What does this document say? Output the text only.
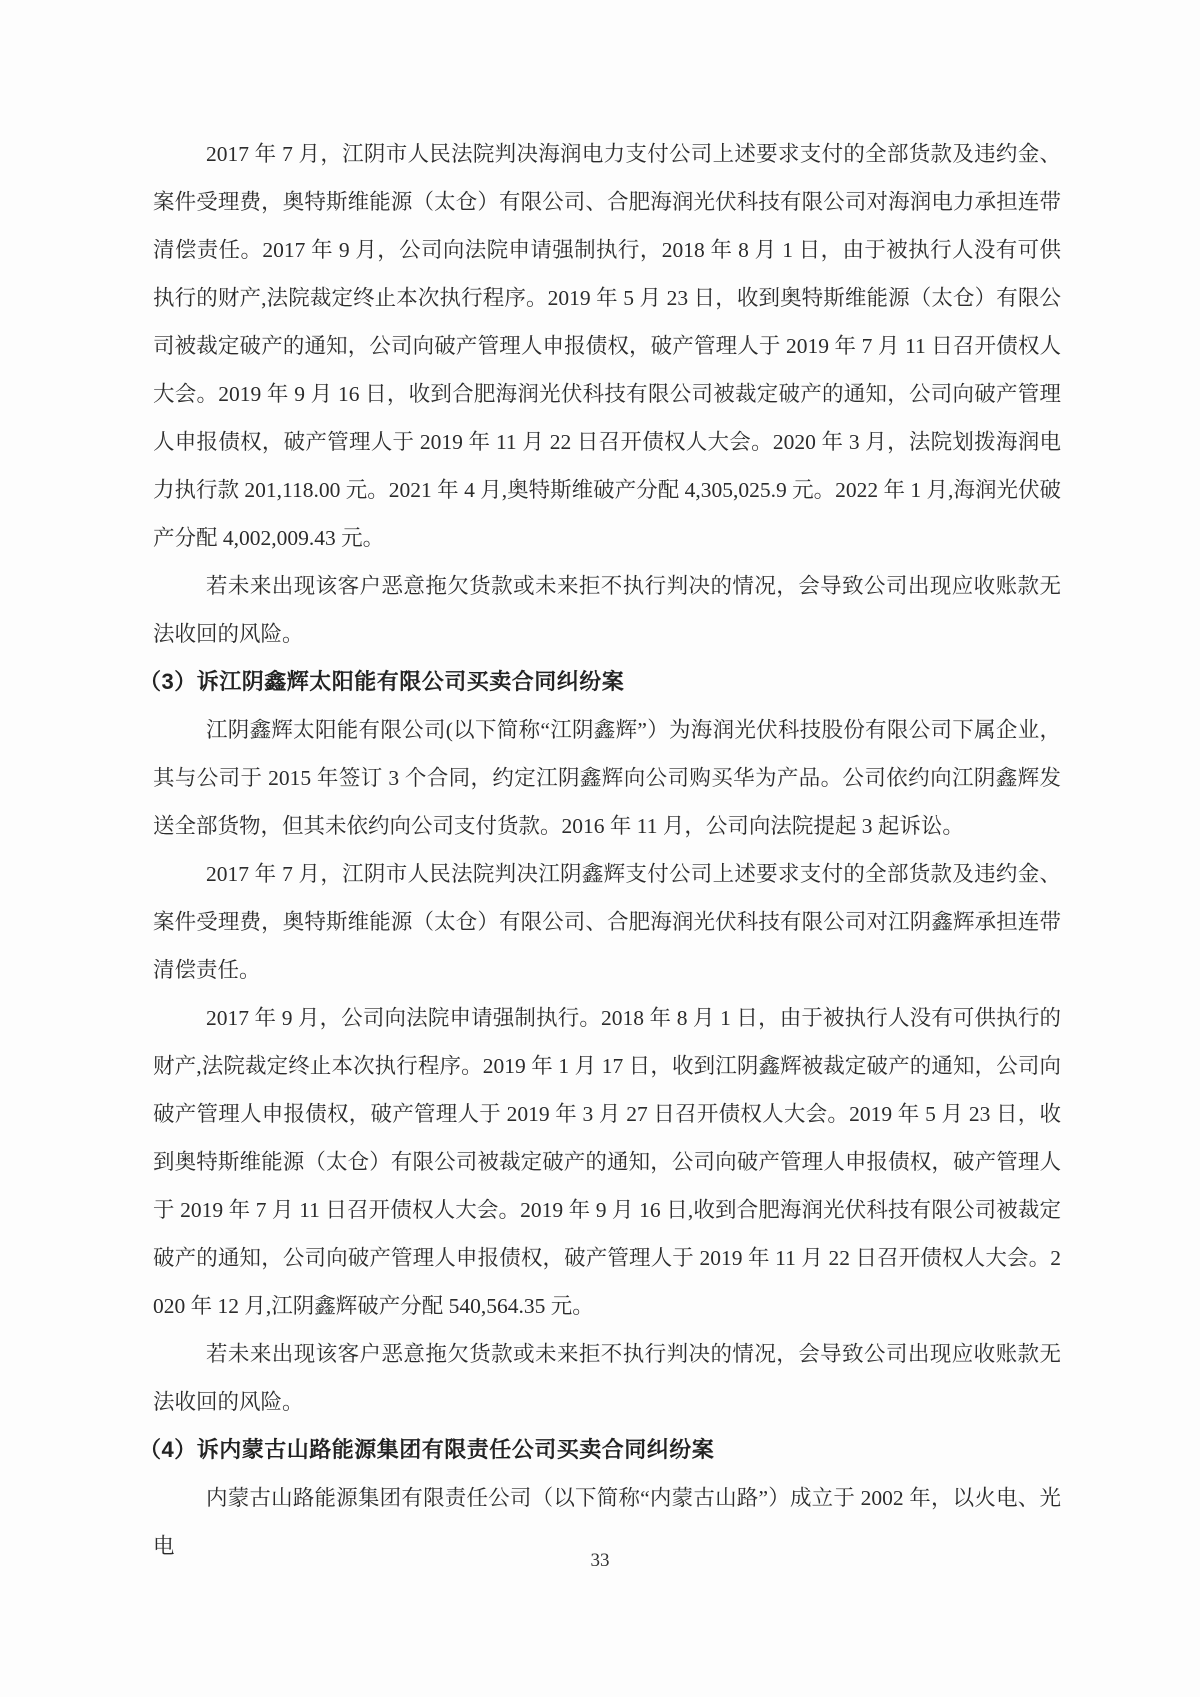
2017 年 7 月，江阴市人民法院判决海润电力支付公司上述要求支付的全部货款及违约金、案件受理费，奥特斯维能源（太仓）有限公司、合肥海润光伏科技有限公司对海润电力承担连带清偿责任。2017 年 9 月，公司向法院申请强制执行，2018 年 8 月 1 日，由于被执行人没有可供执行的财产,法院裁定终止本次执行程序。2019 年 5 月 23 日，收到奥特斯维能源（太仓）有限公司被裁定破产的通知，公司向破产管理人申报债权，破产管理人于 2019 年 7 月 11 日召开债权人大会。2019 年 9 月 16 日，收到合肥海润光伏科技有限公司被裁定破产的通知，公司向破产管理人申报债权，破产管理人于 2019 年 11 月 22 日召开债权人大会。2020 年 3 月，法院划拨海润电力执行款 201,118.00 元。2021 年 4 月,奥特斯维破产分配 4,305,025.9 元。2022 年 1 月,海润光伏破产分配 4,002,009.43 元。

若未来出现该客户恶意拖欠货款或未来拒不执行判决的情况，会导致公司出现应收账款无法收回的风险。

（3）诉江阴鑫辉太阳能有限公司买卖合同纠纷案

江阴鑫辉太阳能有限公司(以下简称“江阴鑫辉”）为海润光伏科技股份有限公司下属企业，其与公司于 2015 年签订 3 个合同，约定江阴鑫辉向公司购买华为产品。公司依约向江阴鑫辉发送全部货物，但其未依约向公司支付货款。2016 年 11 月，公司向法院提起 3 起诉讼。

2017 年 7 月，江阴市人民法院判决江阴鑫辉支付公司上述要求支付的全部货款及违约金、案件受理费，奥特斯维能源（太仓）有限公司、合肥海润光伏科技有限公司对江阴鑫辉承担连带清偿责任。

2017 年 9 月，公司向法院申请强制执行。2018 年 8 月 1 日，由于被执行人没有可供执行的财产,法院裁定终止本次执行程序。2019 年 1 月 17 日，收到江阴鑫辉被裁定破产的通知，公司向破产管理人申报债权，破产管理人于 2019 年 3 月 27 日召开债权人大会。2019 年 5 月 23 日，收到奥特斯维能源（太仓）有限公司被裁定破产的通知，公司向破产管理人申报债权，破产管理人于 2019 年 7 月 11 日召开债权人大会。2019 年 9 月 16 日,收到合肥海润光伏科技有限公司被裁定破产的通知，公司向破产管理人申报债权，破产管理人于 2019 年 11 月 22 日召开债权人大会。2020 年 12 月,江阴鑫辉破产分配 540,564.35 元。

若未来出现该客户恶意拖欠货款或未来拒不执行判决的情况，会导致公司出现应收账款无法收回的风险。

（4）诉内蒙古山路能源集团有限责任公司买卖合同纠纷案

内蒙古山路能源集团有限责任公司（以下简称“内蒙古山路”）成立于 2002 年，以火电、光电

33
